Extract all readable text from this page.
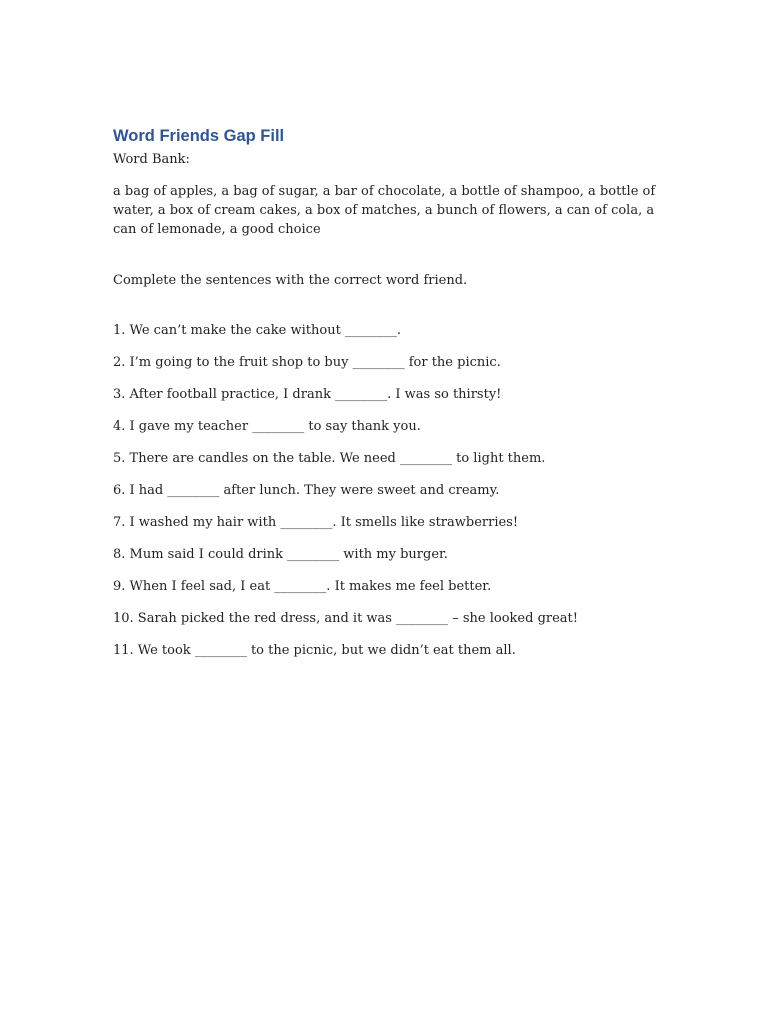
Word Friends Gap Fill

Word Bank:

a bag of apples, a bag of sugar, a bar of chocolate, a bottle of shampoo, a bottle of water, a box of cream cakes, a box of matches, a bunch of flowers, a can of cola, a can of lemonade, a good choice

Complete the sentences with the correct word friend.

1. We can’t make the cake without ________.
2. I’m going to the fruit shop to buy ________ for the picnic.
3. After football practice, I drank ________. I was so thirsty!
4. I gave my teacher ________ to say thank you.
5. There are candles on the table. We need ________ to light them.
6. I had ________ after lunch. They were sweet and creamy.
7. I washed my hair with ________. It smells like strawberries!
8. Mum said I could drink ________ with my burger.
9. When I feel sad, I eat ________. It makes me feel better.
10. Sarah picked the red dress, and it was ________ – she looked great!
11. We took ________ to the picnic, but we didn’t eat them all.
